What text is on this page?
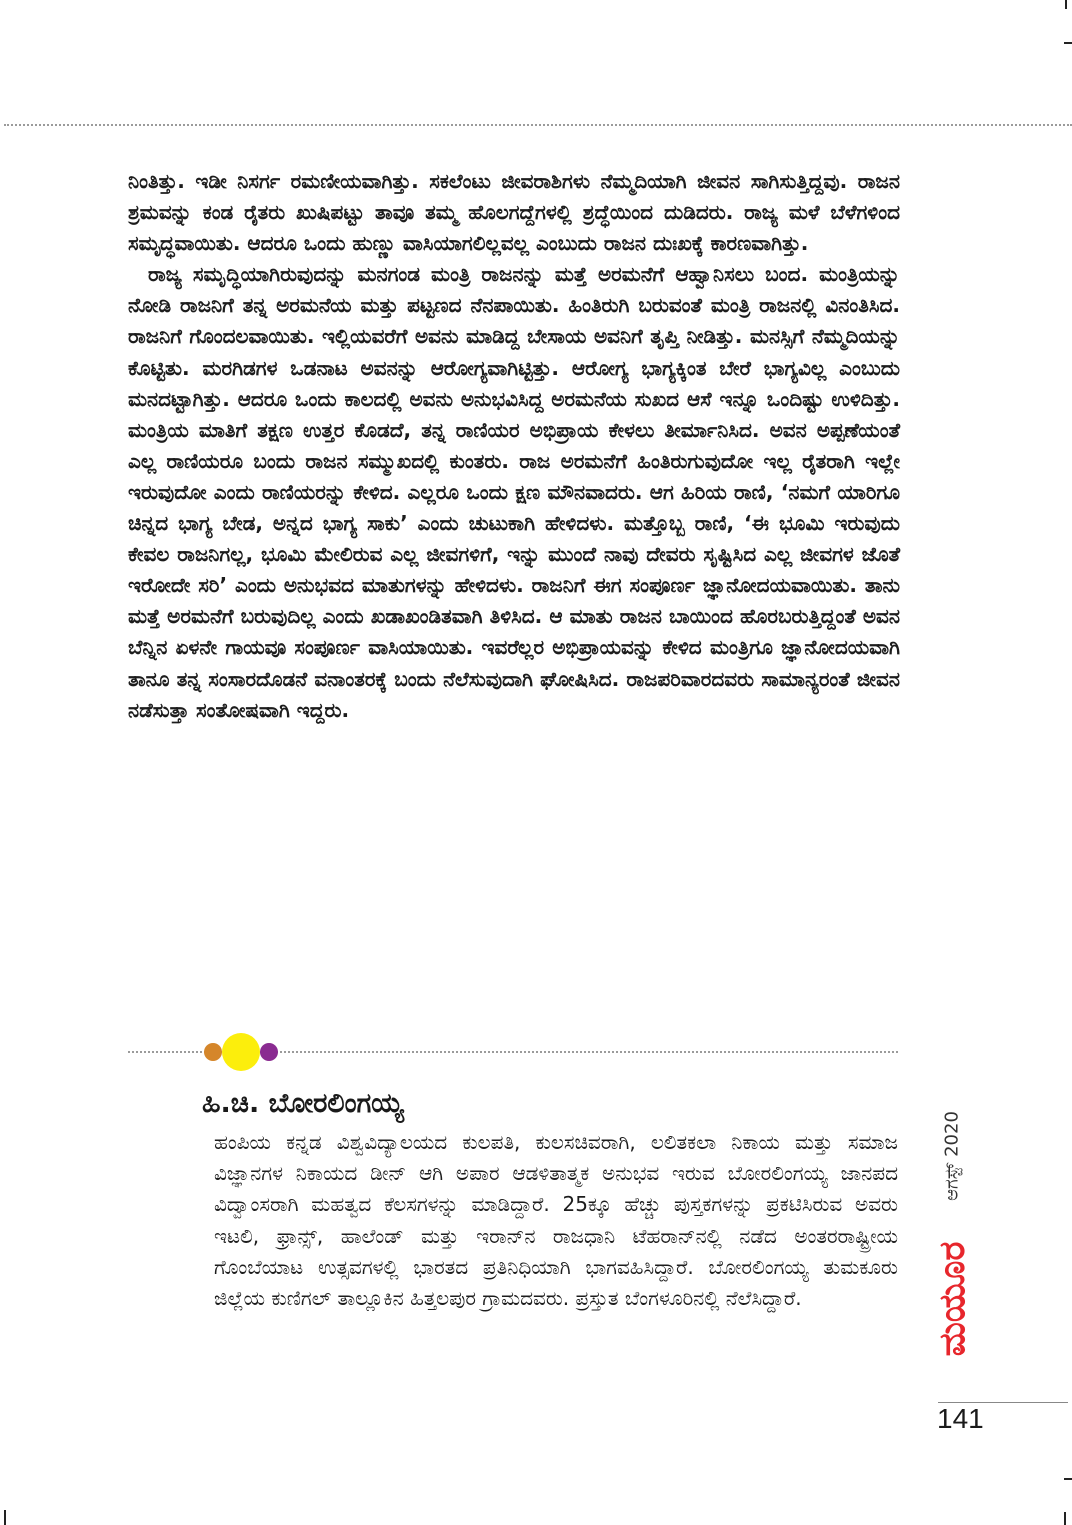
ನಿಂತಿತ್ತು. ಇಡೀ ನಿಸರ್ಗ ರಮಣೀಯವಾಗಿತ್ತು. ಸಕಲೆಂಟು ಜೀವರಾಶಿಗಳು ನೆಮ್ಮದಿಯಾಗಿ ಜೀವನ ಸಾಗಿಸುತ್ತಿದ್ದವು. ರಾಜನ ಶ್ರಮವನ್ನು ಕಂಡ ರೈತರು ಖುಷಿಪಟ್ಟು ತಾವೂ ತಮ್ಮ ಹೊಲಗದ್ದೆಗಳಲ್ಲಿ ಶ್ರದ್ಧೆಯಿಂದ ದುಡಿದರು. ರಾಜ್ಯ ಮಳೆ ಬೆಳೆಗಳಿಂದ ಸಮೃದ್ಧವಾಯಿತು. ಆದರೂ ಒಂದು ಹುಣ್ಣು ವಾಸಿಯಾಗಲಿಲ್ಲವಲ್ಲ ಎಂಬುದು ರಾಜನ ದುಃಖಕ್ಕೆ ಕಾರಣವಾಗಿತ್ತು.

ರಾಜ್ಯ ಸಮೃದ್ಧಿಯಾಗಿರುವುದನ್ನು ಮನಗಂಡ ಮಂತ್ರಿ ರಾಜನನ್ನು ಮತ್ತೆ ಅರಮನೆಗೆ ಆಹ್ವಾನಿಸಲು ಬಂದ. ಮಂತ್ರಿಯನ್ನು ನೋಡಿ ರಾಜನಿಗೆ ತನ್ನ ಅರಮನೆಯ ಮತ್ತು ಪಟ್ಟಣದ ನೆನಪಾಯಿತು. ಹಿಂತಿರುಗಿ ಬರುವಂತೆ ಮಂತ್ರಿ ರಾಜನಲ್ಲಿ ವಿನಂತಿಸಿದ. ರಾಜನಿಗೆ ಗೊಂದಲವಾಯಿತು. ಇಲ್ಲಿಯವರೆಗೆ ಅವನು ಮಾಡಿದ್ದ ಬೇಸಾಯ ಅವನಿಗೆ ತೃಪ್ತಿ ನೀಡಿತ್ತು. ಮನಸ್ಸಿಗೆ ನೆಮ್ಮದಿಯನ್ನು ಕೊಟ್ಟಿತು. ಮರಗಿಡಗಳ ಒಡನಾಟ ಅವನನ್ನು ಆರೋಗ್ಯವಾಗಿಟ್ಟಿತ್ತು. ಆರೋಗ್ಯ ಭಾಗ್ಯಕ್ಕಿಂತ ಬೇರೆ ಭಾಗ್ಯವಿಲ್ಲ ಎಂಬುದು ಮನದಟ್ಟಾಗಿತ್ತು. ಆದರೂ ಒಂದು ಕಾಲದಲ್ಲಿ ಅವನು ಅನುಭವಿಸಿದ್ದ ಅರಮನೆಯ ಸುಖದ ಆಸೆ ಇನ್ನೂ ಒಂದಿಷ್ಟು ಉಳಿದಿತ್ತು. ಮಂತ್ರಿಯ ಮಾತಿಗೆ ತಕ್ಷಣ ಉತ್ತರ ಕೊಡದೆ, ತನ್ನ ರಾಣಿಯರ ಅಭಿಪ್ರಾಯ ಕೇಳಲು ತೀರ್ಮಾನಿಸಿದ. ಅವನ ಅಪ್ಪಣೆಯಂತೆ ಎಲ್ಲ ರಾಣಿಯರೂ ಬಂದು ರಾಜನ ಸಮ್ಮುಖದಲ್ಲಿ ಕುಂತರು. ರಾಜ ಅರಮನೆಗೆ ಹಿಂತಿರುಗುವುದೋ ಇಲ್ಲ ರೈತರಾಗಿ ಇಲ್ಲೇ ಇರುವುದೋ ಎಂದು ರಾಣಿಯರನ್ನು ಕೇಳಿದ. ಎಲ್ಲರೂ ಒಂದು ಕ್ಷಣ ಮೌನವಾದರು. ಆಗ ಹಿರಿಯ ರಾಣಿ, ‘ನಮಗೆ ಯಾರಿಗೂ ಚಿನ್ನದ ಭಾಗ್ಯ ಬೇಡ, ಅನ್ನದ ಭಾಗ್ಯ ಸಾಕು’ ಎಂದು ಚುಟುಕಾಗಿ ಹೇಳಿದಳು. ಮತ್ತೊಬ್ಬ ರಾಣಿ, ‘ಈ ಭೂಮಿ ಇರುವುದು ಕೇವಲ ರಾಜನಿಗಲ್ಲ, ಭೂಮಿ ಮೇಲಿರುವ ಎಲ್ಲ ಜೀವಗಳಿಗೆ, ಇನ್ನು ಮುಂದೆ ನಾವು ದೇವರು ಸೃಷ್ಟಿಸಿದ ಎಲ್ಲ ಜೀವಗಳ ಜೊತೆ ಇರೋದೇ ಸರಿ’ ಎಂದು ಅನುಭವದ ಮಾತುಗಳನ್ನು ಹೇಳಿದಳು. ರಾಜನಿಗೆ ಈಗ ಸಂಪೂರ್ಣ ಜ್ಞಾನೋದಯವಾಯಿತು. ತಾನು ಮತ್ತೆ ಅರಮನೆಗೆ ಬರುವುದಿಲ್ಲ ಎಂದು ಖಡಾಖಂಡಿತವಾಗಿ ತಿಳಿಸಿದ. ಆ ಮಾತು ರಾಜನ ಬಾಯಿಂದ ಹೊರಬರುತ್ತಿದ್ದಂತೆ ಅವನ ಬೆನ್ನಿನ ಏಳನೇ ಗಾಯವೂ ಸಂಪೂರ್ಣ ವಾಸಿಯಾಯಿತು. ಇವರೆಲ್ಲರ ಅಭಿಪ್ರಾಯವನ್ನು ಕೇಳಿದ ಮಂತ್ರಿಗೂ ಜ್ಞಾನೋದಯವಾಗಿ ತಾನೂ ತನ್ನ ಸಂಸಾರದೊಡನೆ ವನಾಂತರಕ್ಕೆ ಬಂದು ನೆಲೆಸುವುದಾಗಿ ಘೋಷಿಸಿದ. ರಾಜಪರಿವಾರದವರು ಸಾಮಾನ್ಯರಂತೆ ಜೀವನ ನಡೆಸುತ್ತಾ ಸಂತೋಷವಾಗಿ ಇದ್ದರು.

ಹಿ.ಚಿ. ಬೋರಲಿಂಗಯ್ಯ

ಹಂಪಿಯ ಕನ್ನಡ ವಿಶ್ವವಿದ್ಯಾಲಯದ ಕುಲಪತಿ, ಕುಲಸಚಿವರಾಗಿ, ಲಲಿತಕಲಾ ನಿಕಾಯ ಮತ್ತು ಸಮಾಜ ವಿಜ್ಞಾನಗಳ ನಿಕಾಯದ ಡೀನ್ ಆಗಿ ಅಪಾರ ಆಡಳಿತಾತ್ಮಕ ಅನುಭವ ಇರುವ ಬೋರಲಿಂಗಯ್ಯ ಜಾನಪದ ವಿದ್ವಾಂಸರಾಗಿ ಮಹತ್ವದ ಕೆಲಸಗಳನ್ನು ಮಾಡಿದ್ದಾರೆ. 25ಕ್ಕೂ ಹೆಚ್ಚು ಪುಸ್ತಕಗಳನ್ನು ಪ್ರಕಟಿಸಿರುವ ಅವರು ಇಟಲಿ, ಫ್ರಾನ್ಸ್, ಹಾಲೆಂಡ್ ಮತ್ತು ಇರಾನ್‌ನ ರಾಜಧಾನಿ ಟೆಹರಾನ್‌ನಲ್ಲಿ ನಡೆದ ಅಂತರರಾಷ್ಟ್ರೀಯ ಗೊಂಬೆಯಾಟ ಉತ್ಸವಗಳಲ್ಲಿ ಭಾರತದ ಪ್ರತಿನಿಧಿಯಾಗಿ ಭಾಗವಹಿಸಿದ್ದಾರೆ. ಬೋರಲಿಂಗಯ್ಯ ತುಮಕೂರು ಜಿಲ್ಲೆಯ ಕುಣಿಗಲ್ ತಾಲ್ಲೂಕಿನ ಹಿತ್ತಲಪುರ ಗ್ರಾಮದವರು. ಪ್ರಸ್ತುತ ಬೆಂಗಳೂರಿನಲ್ಲಿ ನೆಲೆಸಿದ್ದಾರೆ.

ಆಗಸ್ಟ್ 2020
ಮಯೂರ
141
